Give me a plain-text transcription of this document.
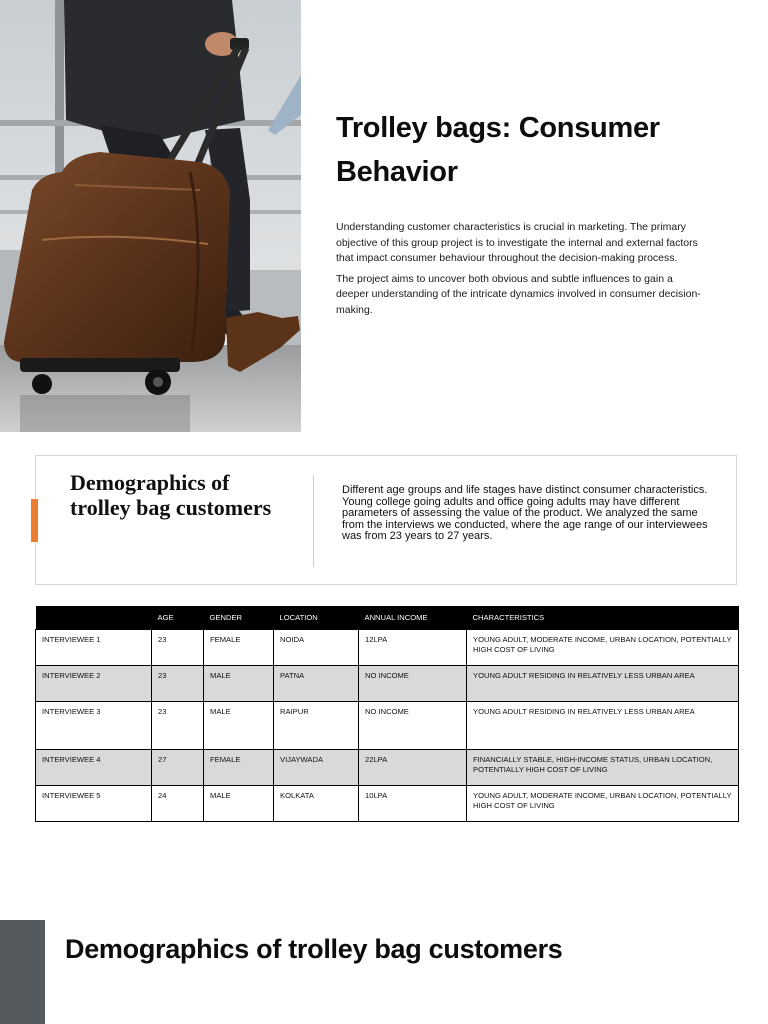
Trolley bags: Consumer Behavior

Understanding customer characteristics is crucial in marketing. The primary objective of this group project is to investigate the internal and external factors that impact consumer behaviour throughout the decision-making process.

The project aims to uncover both obvious and subtle influences to gain a deeper understanding of the intricate dynamics involved in consumer decision-making.

Demographics of trolley bag customers
Different age groups and life stages have distinct consumer characteristics. Young college going adults and office going adults may have different parameters of assessing the value of the product. We analyzed the same from the interviews we conducted, where the age range of our interviewees was from 23 years to 27 years.
	AGE	GENDER	LOCATION	ANNUAL INCOME	CHARACTERISTICS
INTERVIEWEE 1	23	FEMALE	NOIDA	12LPA	YOUNG ADULT, MODERATE INCOME, URBAN LOCATION, POTENTIALLY HIGH COST OF LIVING
INTERVIEWEE 2	23	MALE	PATNA	NO INCOME	YOUNG ADULT RESIDING IN RELATIVELY LESS URBAN AREA
INTERVIEWEE 3	23	MALE	RAIPUR	NO INCOME	YOUNG ADULT RESIDING IN RELATIVELY LESS URBAN AREA
INTERVIEWEE 4	27	FEMALE	VIJAYWADA	22LPA	FINANCIALLY STABLE, HIGH-INCOME STATUS, URBAN LOCATION, POTENTIALLY HIGH COST OF LIVING
INTERVIEWEE 5	24	MALE	KOLKATA	10LPA	YOUNG ADULT, MODERATE INCOME, URBAN LOCATION, POTENTIALLY HIGH COST OF LIVING
Demographics of trolley bag customers
